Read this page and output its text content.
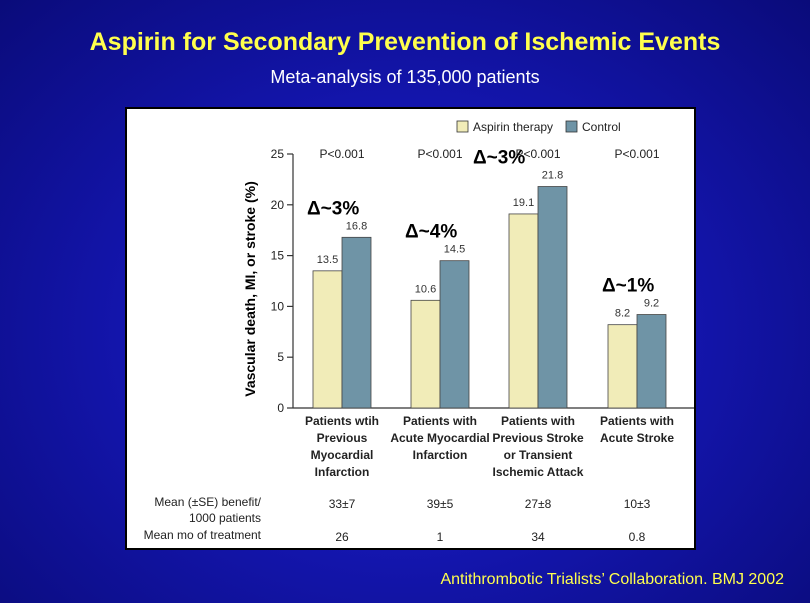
Aspirin for Secondary Prevention of Ischemic Events
Meta-analysis of 135,000 patients
0
5
10
15
20
25
Vascular death, MI, or stroke (%)
Aspirin therapy Control
13.5
16.8
P<0.001
Δ~3%
Patients wtih
Previous
Myocardial
Infarction
10.6
14.5
P<0.001
Δ~4%
Patients with
Acute Myocardial
Infarction
19.1
21.8
P<0.001
Δ~3%
Patients with
Previous Stroke
or Transient
Ischemic Attack
8.2
9.2
P<0.001
Δ~1%
Patients with
Acute Stroke
Mean (±SE) benefit/
1000 patients
Mean mo of treatment
33±7
26
39±5
1
27±8
34
10±3
0.8
Antithrombotic Trialists’ Collaboration. BMJ 2002
